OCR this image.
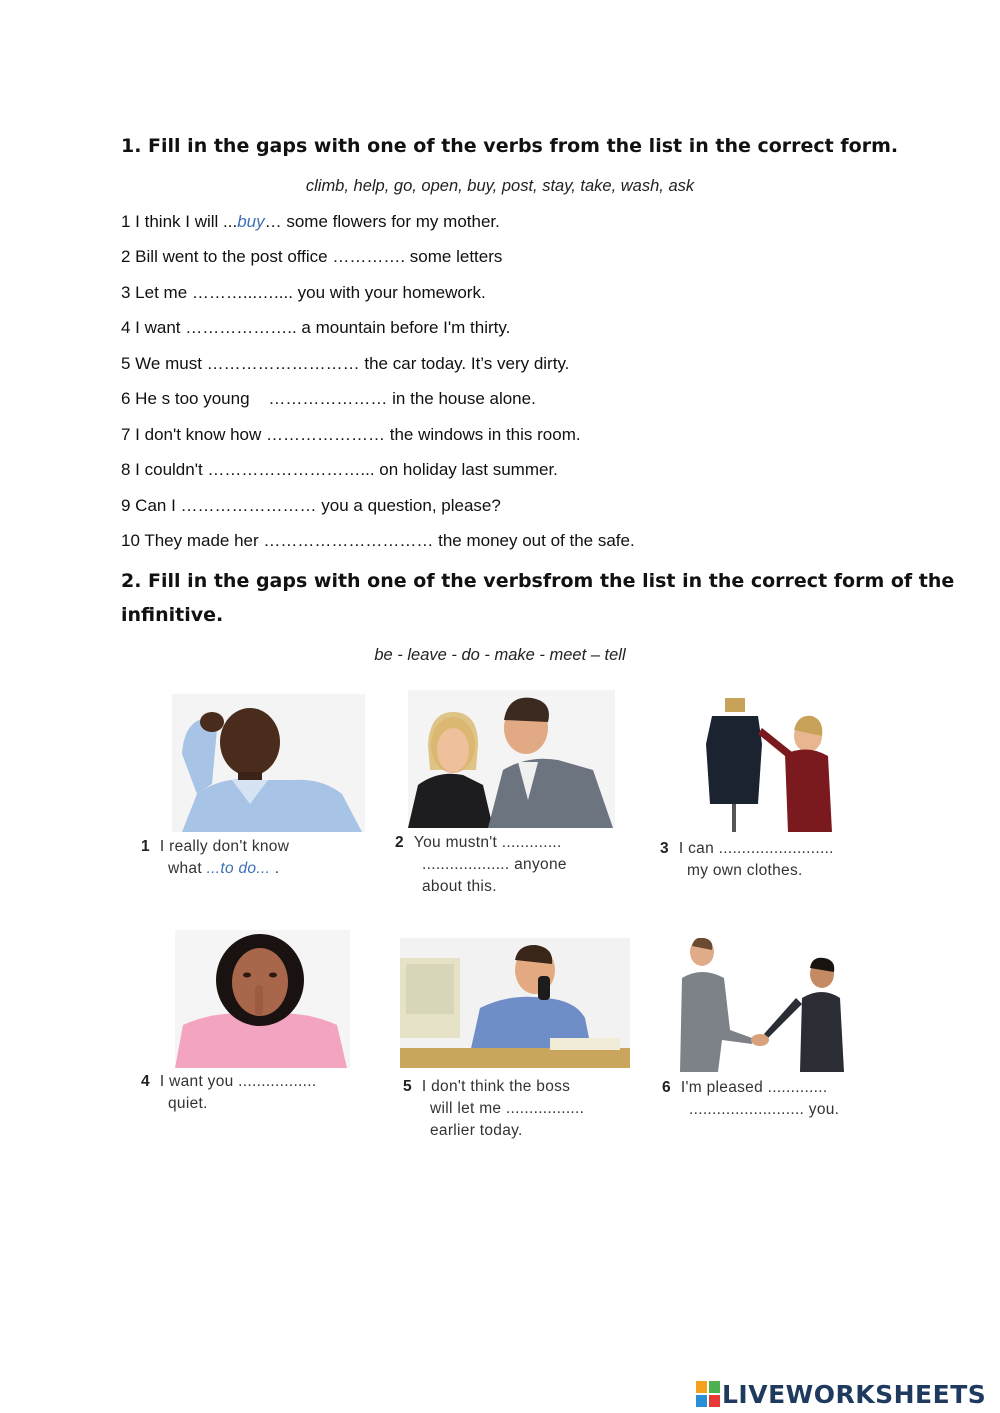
1. Fill in the gaps with one of the verbs from the list in the correct form.
climb, help, go, open, buy, post, stay, take, wash, ask
1 I think I will ...buy… some flowers for my mother.
2 Bill went to the post office …………. some letters
3 Let me ………...….... you with your homework.
4 I want ……………….. a mountain before I'm thirty.
5 We must ……………………… the car today. It’s very dirty.
6 He s too young    ………………… in the house alone.
7 I don't know how ………………… the windows in this room.
8 I couldn't ………………………... on holiday last summer.
9 Can I …………………… you a question, please?
10 They made her ………………………… the money out of the safe.
2. Fill in the gaps with one of the verbsfrom the list in the correct form of the
infinitive.
be - leave - do - make - meet – tell
1 I really don't know
what ...to do... .
2 You mustn't .............
................... anyone
about this.
3 I can .........................
my own clothes.
4 I want you .................
quiet.
5 I don't think the boss
will let me .................
earlier today.
6 I'm pleased .............
......................... you.
LIVEWORKSHEETS
